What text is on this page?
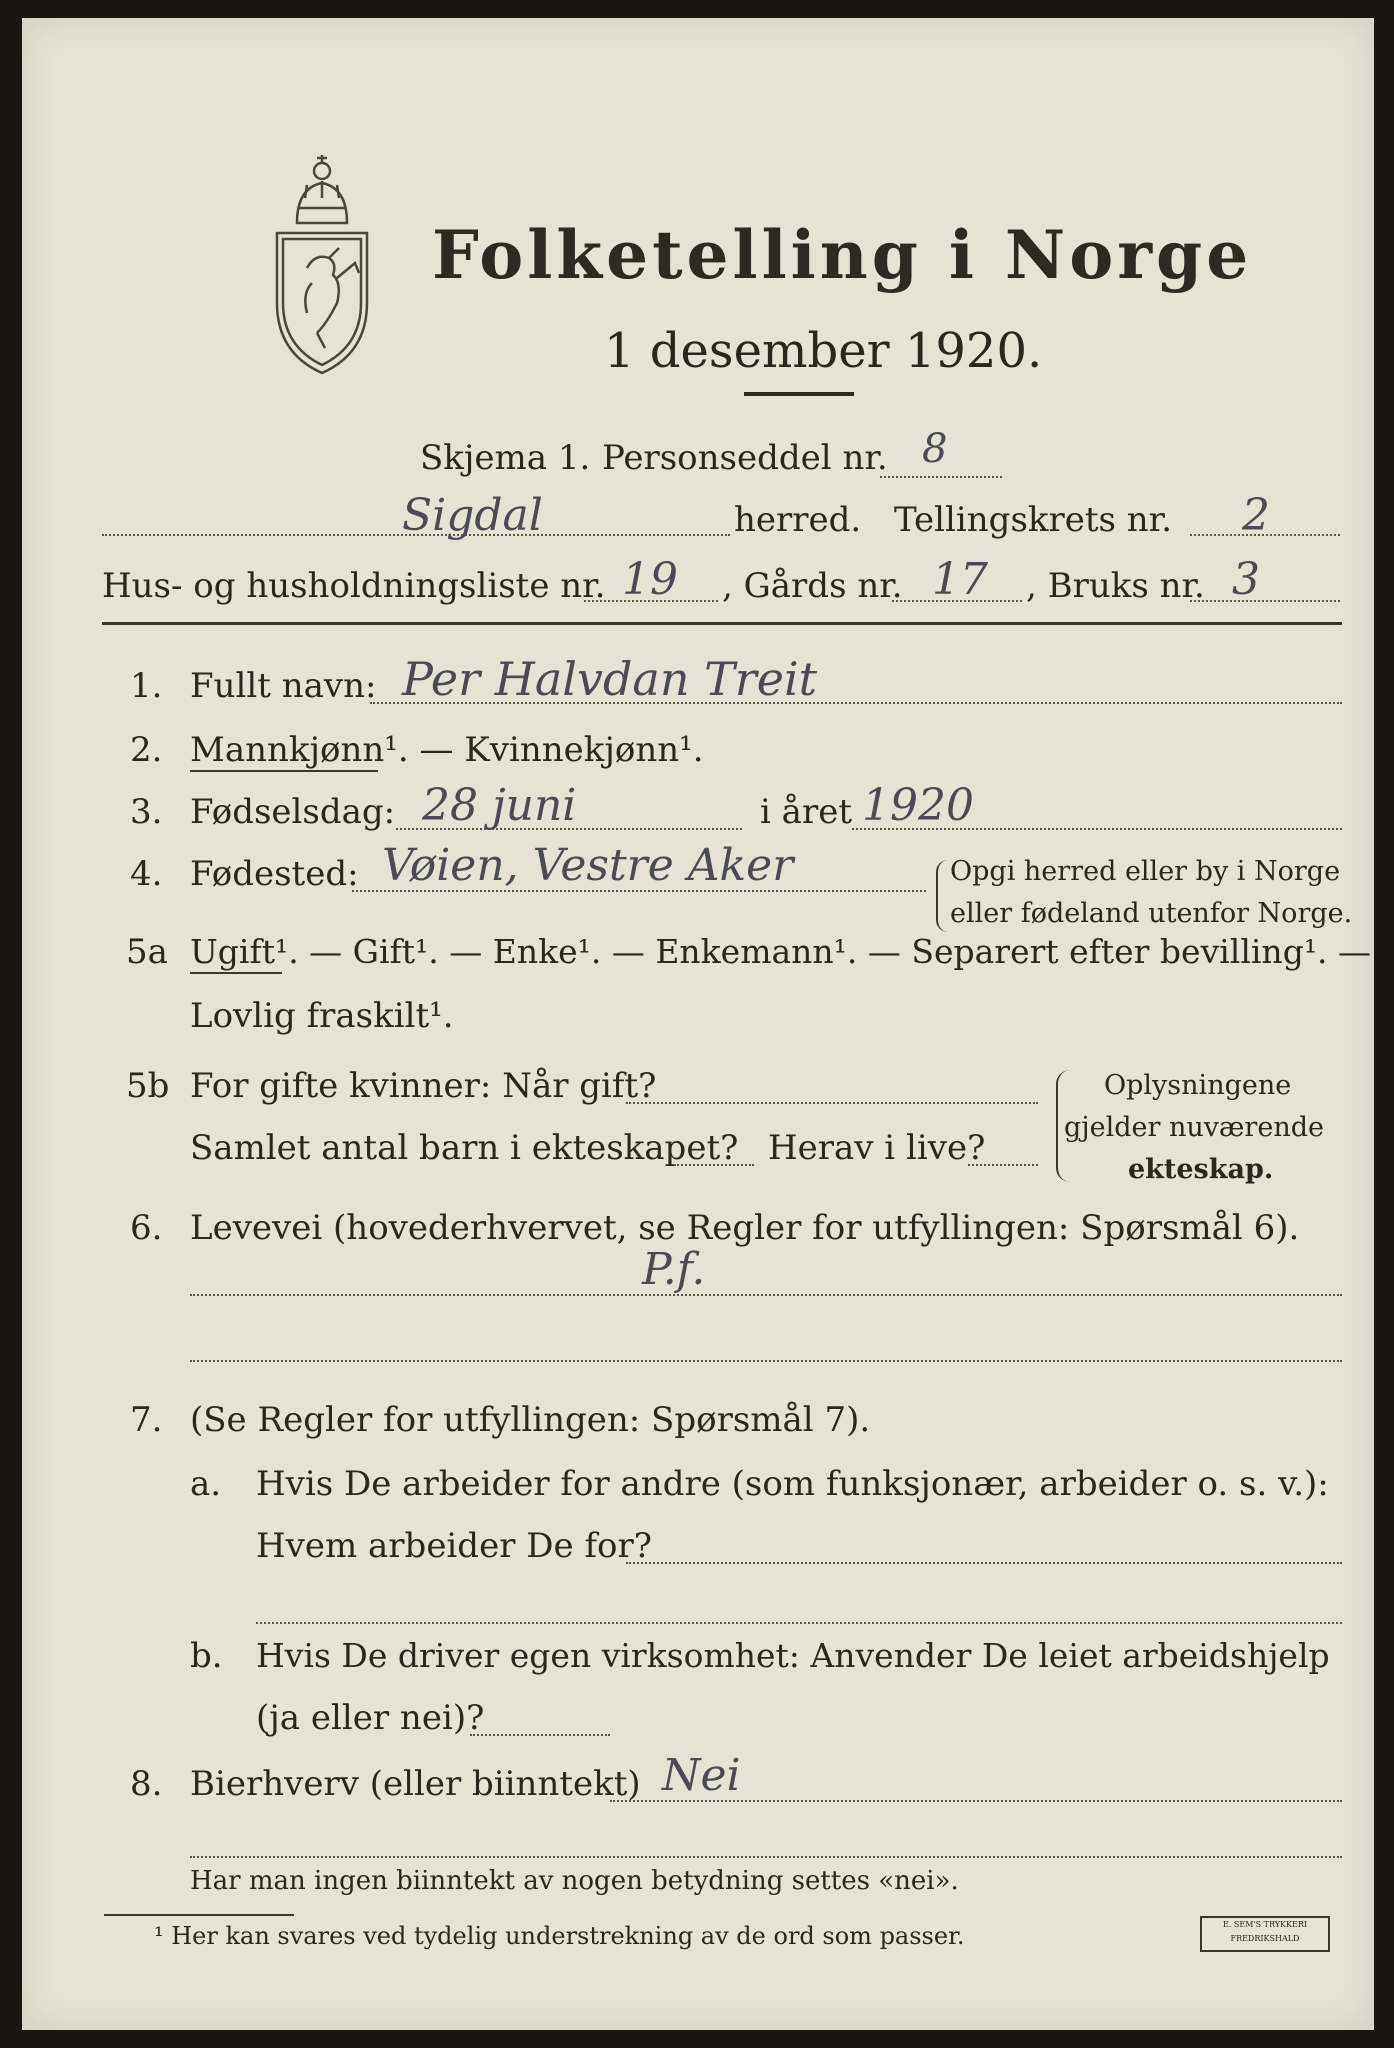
Folketelling i Norge
1 desember 1920.
Skjema 1. Personseddel nr. 8
Sigdal	herred. Tellingskrets nr. 2
Hus- og husholdningsliste nr. 19 , Gårds nr. 17 , Bruks nr. 3
1. Fullt navn: Per Halvdan Treit
2. Mannkjønn¹. — Kvinnekjønn¹.
3. Fødselsdag: 28 juni	i året 1920
4. Fødested: Vøien, Vestre Aker	Opgi herred eller by i Norge
eller fødeland utenfor Norge.
5a Ugift¹. — Gift¹. — Enke¹. — Enkemann¹. — Separert efter bevilling¹. —
Lovlig fraskilt¹.
5b For gifte kvinner: Når gift?
Samlet antal barn i ekteskapet? Herav i live?
Oplysningene
gjelder nuværende
ekteskap.
6. Levevei (hovederhvervet, se Regler for utfyllingen: Spørsmål 6).
P.f.
7. (Se Regler for utfyllingen: Spørsmål 7).
a. Hvis De arbeider for andre (som funksjonær, arbeider o. s. v.):
Hvem arbeider De for?
b. Hvis De driver egen virksomhet: Anvender De leiet arbeidshjelp
(ja eller nei)?
8. Bierhverv (eller biinntekt) Nei
Har man ingen biinntekt av nogen betydning settes «nei».
¹ Her kan svares ved tydelig understrekning av de ord som passer.	E. SEM'S TRYKKERI FREDRIKSHALD
